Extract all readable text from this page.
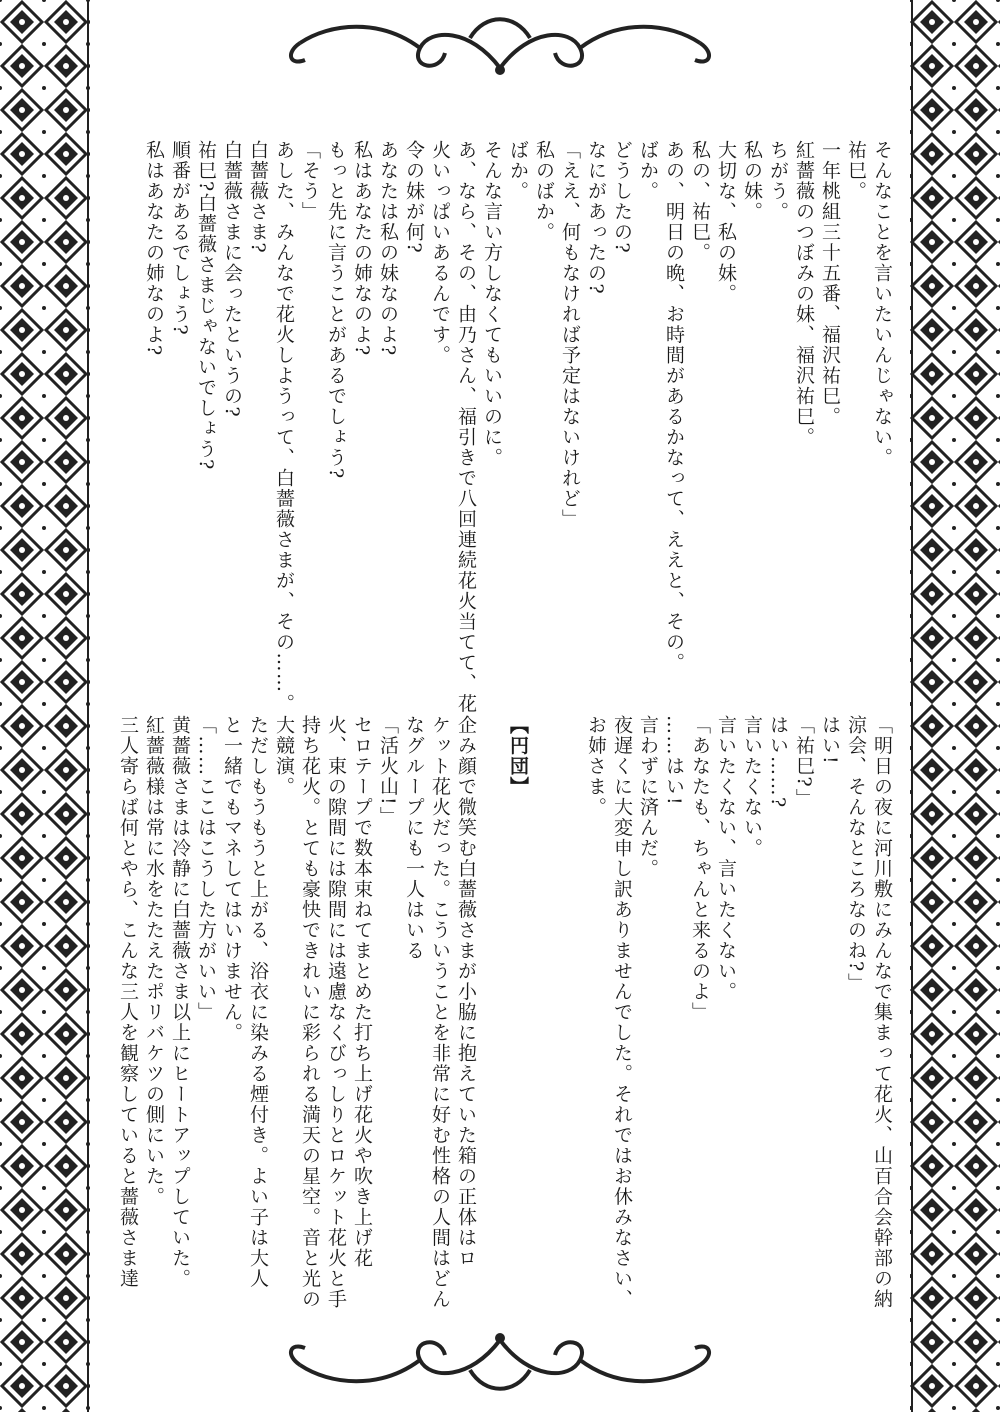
そんなことを言いたいんじゃない。
祐巳。
一年桃組三十五番、福沢祐巳。
紅薔薇のつぼみの妹、福沢祐巳。
ちがう。
私の妹。
大切な、私の妹。
私の、祐巳。
あの、明日の晩、お時間があるかなって、ええと、その。
ばか。
どうしたの?
なにがあったの?
「ええ、何もなければ予定はないけれど」
私のばか。
ばか。
そんな言い方しなくてもいいのに。
あ、なら、その、由乃さん、福引きで八回連続花火当てて、花
火いっぱいあるんです。
令の妹が何?
あなたは私の妹なのよ?
私はあなたの姉なのよ?
もっと先に言うことがあるでしょう?
「そう」
あした、みんなで花火しようって、白薔薇さまが、その……。
白薔薇さま?
白薔薇さまに会ったというの?
祐巳?白薔薇さまじゃないでしょう?
順番があるでしょう?
私はあなたの姉なのよ?
「明日の夜に河川敷にみんなで集まって花火、山百合会幹部の納
涼会、そんなところなのね?」
はい!
「祐巳?」
はい……?
言いたくない。
言いたくない、言いたくない。
「あなたも、ちゃんと来るのよ」
……はい!
言わずに済んだ。
夜遅くに大変申し訳ありませんでした。それではお休みなさい、
お姉さま。

【円団】

企み顔で微笑む白薔薇さまが小脇に抱えていた箱の正体はロ
ケット花火だった。こういうことを非常に好む性格の人間はどん
なグループにも一人はいる
「活火山!」
セロテープで数本束ねてまとめた打ち上げ花火や吹き上げ花
火、束の隙間には隙間には遠慮なくびっしりとロケット花火と手
持ち花火。とても豪快できれいに彩られる満天の星空。音と光の
大競演。
ただしもうもうと上がる、浴衣に染みる煙付き。よい子は大人
と一緒でもマネしてはいけません。
「……ここはこうした方がいい」
黄薔薇さまは冷静に白薔薇さま以上にヒートアップしていた。
紅薔薇様は常に水をたたえたポリバケツの側にいた。
三人寄らば何とやら、こんな三人を観察していると薔薇さま達
